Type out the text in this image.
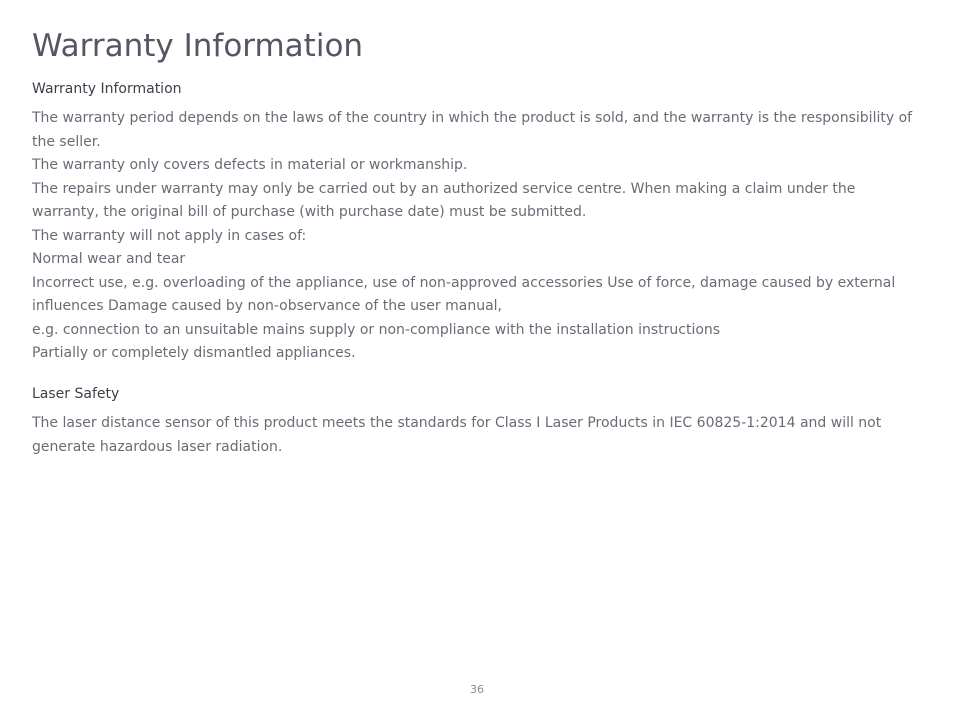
Warranty Information
Warranty Information

The warranty period depends on the laws of the country in which the product is sold, and the warranty is the responsibility of the seller.
The warranty only covers defects in material or workmanship.
The repairs under warranty may only be carried out by an authorized service centre. When making a claim under the warranty, the original bill of purchase (with purchase date) must be submitted.
The warranty will not apply in cases of:
Normal wear and tear
Incorrect use, e.g. overloading of the appliance, use of non-approved accessories Use of force, damage caused by external influences Damage caused by non-observance of the user manual,
e.g. connection to an unsuitable mains supply or non-compliance with the installation instructions
Partially or completely dismantled appliances.

Laser Safety

The laser distance sensor of this product meets the standards for Class I Laser Products in IEC 60825-1:2014 and will not generate hazardous laser radiation.

36
